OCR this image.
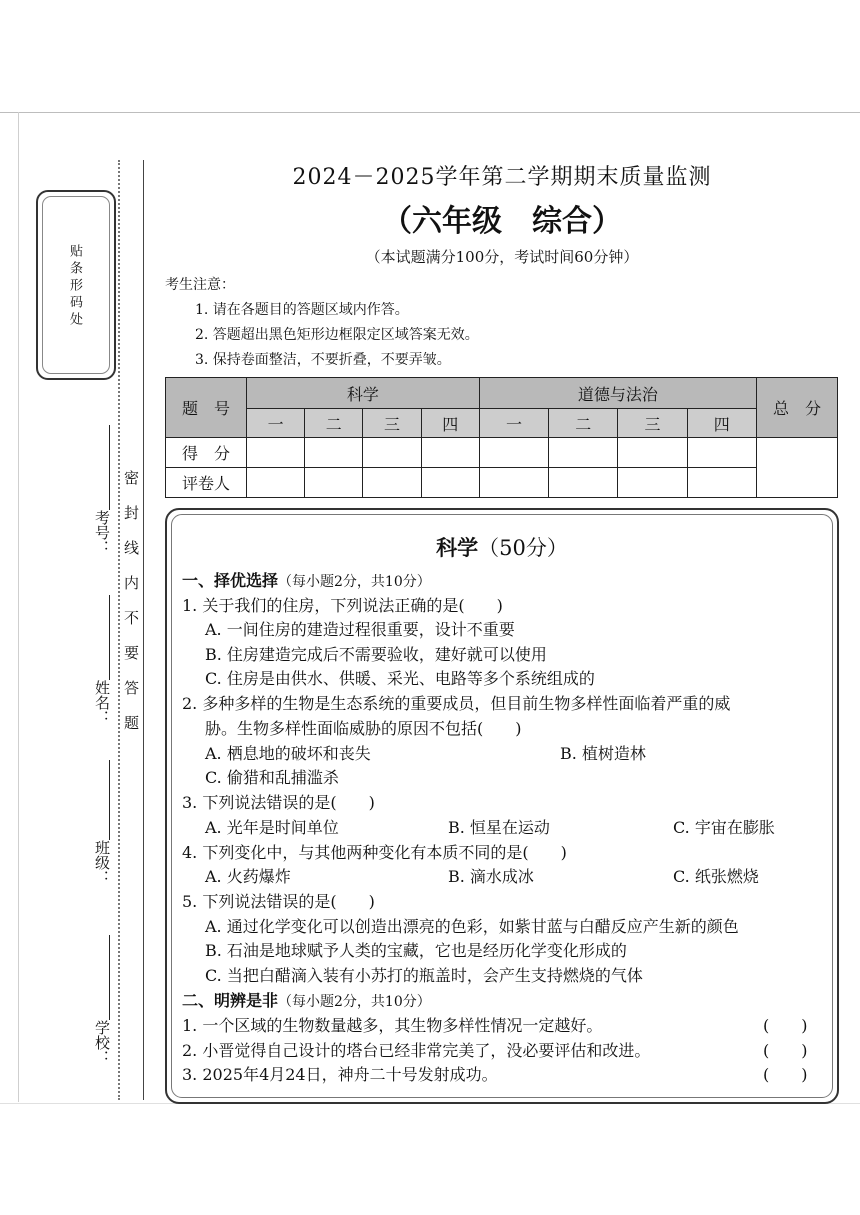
贴条形码处
密封线内不要答题
考号：
姓名：
班级：
学校：
2024－2025学年第二学期期末质量监测
（六年级　综合）
（本试题满分100分，考试时间60分钟）
考生注意：
1. 请在各题目的答题区域内作答。
2. 答题超出黑色矩形边框限定区域答案无效。
3. 保持卷面整洁，不要折叠，不要弄皱。
题　号	科学				道德与法治				总　分
	一	二	三	四	一	二	三	四	
得　分									
评卷人									
科学（50分）
一、择优选择（每小题2分，共10分）
1. 关于我们的住房，下列说法正确的是(　　)
A. 一间住房的建造过程很重要，设计不重要
B. 住房建造完成后不需要验收，建好就可以使用
C. 住房是由供水、供暖、采光、电路等多个系统组成的
2. 多种多样的生物是生态系统的重要成员，但目前生物多样性面临着严重的威
胁。生物多样性面临威胁的原因不包括(　　)
A. 栖息地的破坏和丧失	B. 植树造林
C. 偷猎和乱捕滥杀
3. 下列说法错误的是(　　)
A. 光年是时间单位	B. 恒星在运动	C. 宇宙在膨胀
4. 下列变化中，与其他两种变化有本质不同的是(　　)
A. 火药爆炸	B. 滴水成冰	C. 纸张燃烧
5. 下列说法错误的是(　　)
A. 通过化学变化可以创造出漂亮的色彩，如紫甘蓝与白醋反应产生新的颜色
B. 石油是地球赋予人类的宝藏，它也是经历化学变化形成的
C. 当把白醋滴入装有小苏打的瓶盖时，会产生支持燃烧的气体
二、明辨是非（每小题2分，共10分）
1. 一个区域的生物数量越多，其生物多样性情况一定越好。	(　　)
2. 小晋觉得自己设计的塔台已经非常完美了，没必要评估和改进。	(　　)
3. 2025年4月24日，神舟二十号发射成功。	(　　)
